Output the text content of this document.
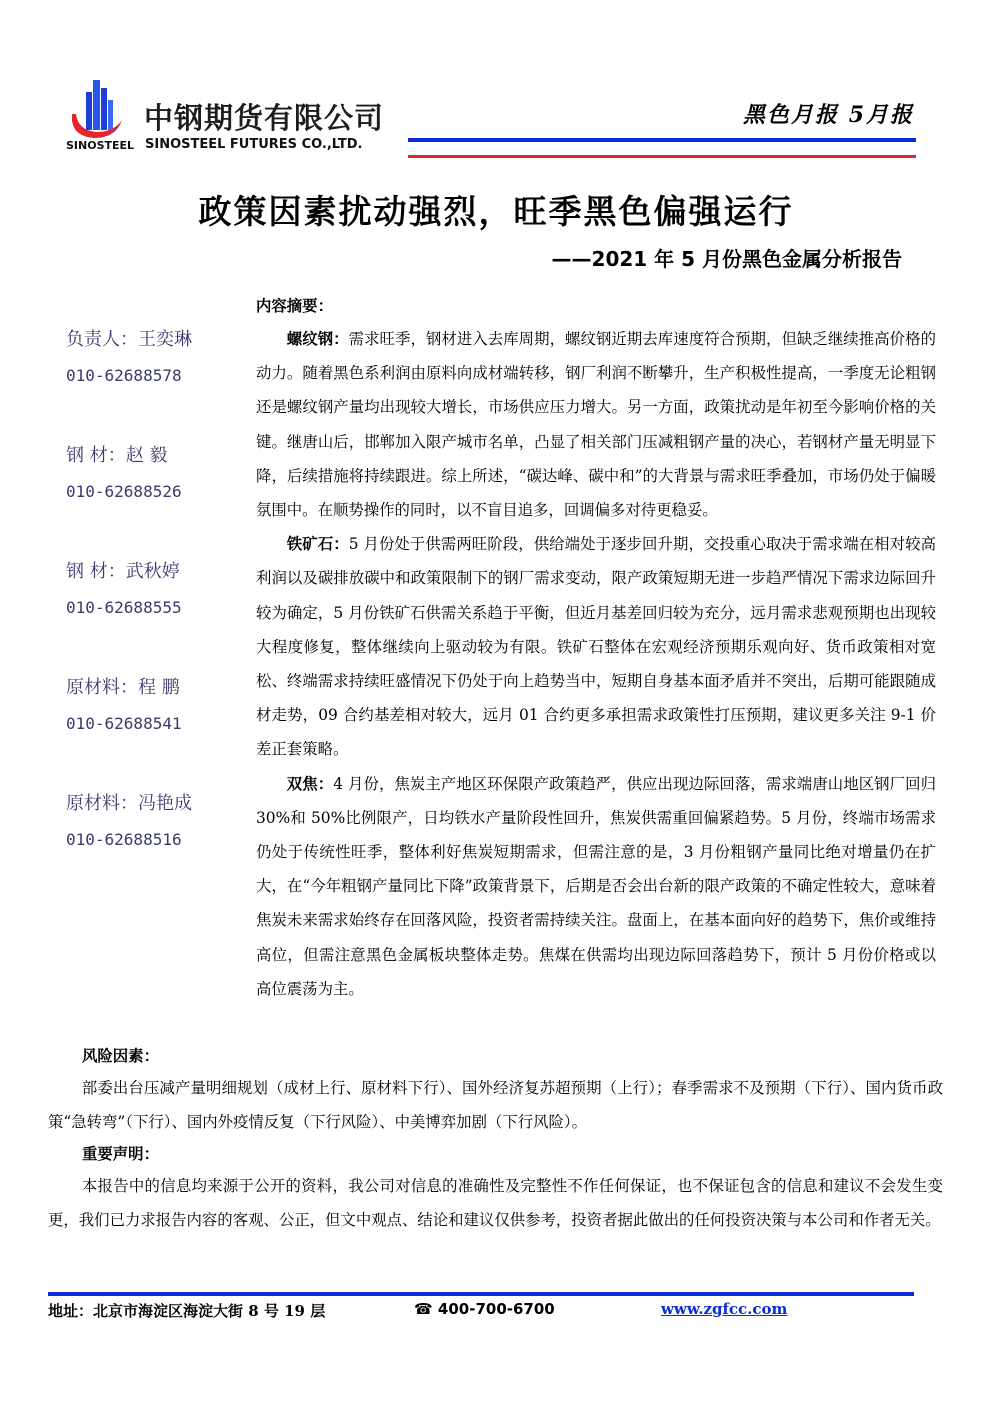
SINOSTEEL
中钢期货有限公司
SINOSTEEL FUTURES CO.,LTD.
黑色月报 5月报
政策因素扰动强烈，旺季黑色偏强运行
——2021 年 5 月份黑色金属分析报告
负责人：王奕琳
010-62688578
钢 材：赵 毅
010-62688526
钢 材：武秋婷
010-62688555
原材料：程 鹏
010-62688541
原材料：冯艳成
010-62688516
内容摘要：

螺纹钢：需求旺季，钢材进入去库周期，螺纹钢近期去库速度符合预期，但缺乏继续推高价格的动力。随着黑色系利润由原料向成材端转移，钢厂利润不断攀升，生产积极性提高，一季度无论粗钢还是螺纹钢产量均出现较大增长，市场供应压力增大。另一方面，政策扰动是年初至今影响价格的关键。继唐山后，邯郸加入限产城市名单，凸显了相关部门压减粗钢产量的决心，若钢材产量无明显下降，后续措施将持续跟进。综上所述，“碳达峰、碳中和”的大背景与需求旺季叠加，市场仍处于偏暖氛围中。在顺势操作的同时，以不盲目追多，回调偏多对待更稳妥。

铁矿石：5 月份处于供需两旺阶段，供给端处于逐步回升期，交投重心取决于需求端在相对较高利润以及碳排放碳中和政策限制下的钢厂需求变动，限产政策短期无进一步趋严情况下需求边际回升较为确定，5 月份铁矿石供需关系趋于平衡，但近月基差回归较为充分，远月需求悲观预期也出现较大程度修复，整体继续向上驱动较为有限。铁矿石整体在宏观经济预期乐观向好、货币政策相对宽松、终端需求持续旺盛情况下仍处于向上趋势当中，短期自身基本面矛盾并不突出，后期可能跟随成材走势，09 合约基差相对较大，远月 01 合约更多承担需求政策性打压预期，建议更多关注 9-1 价差正套策略。

双焦：4 月份，焦炭主产地区环保限产政策趋严，供应出现边际回落，需求端唐山地区钢厂回归 30%和 50%比例限产，日均铁水产量阶段性回升，焦炭供需重回偏紧趋势。5 月份，终端市场需求仍处于传统性旺季，整体利好焦炭短期需求，但需注意的是，3 月份粗钢产量同比绝对增量仍在扩大，在“今年粗钢产量同比下降”政策背景下，后期是否会出台新的限产政策的不确定性较大，意味着焦炭未来需求始终存在回落风险，投资者需持续关注。盘面上，在基本面向好的趋势下，焦价或维持高位，但需注意黑色金属板块整体走势。焦煤在供需均出现边际回落趋势下，预计 5 月份价格或以高位震荡为主。

风险因素：

部委出台压减产量明细规划（成材上行、原材料下行）、国外经济复苏超预期（上行）；春季需求不及预期（下行）、国内货币政策“急转弯”（下行）、国内外疫情反复（下行风险）、中美博弈加剧（下行风险）。

重要声明：

本报告中的信息均来源于公开的资料，我公司对信息的准确性及完整性不作任何保证，也不保证包含的信息和建议不会发生变更，我们已力求报告内容的客观、公正，但文中观点、结论和建议仅供参考，投资者据此做出的任何投资决策与本公司和作者无关。

地址：北京市海淀区海淀大街 8 号 19 层	☎ 400-700-6700	www.zgfcc.com
